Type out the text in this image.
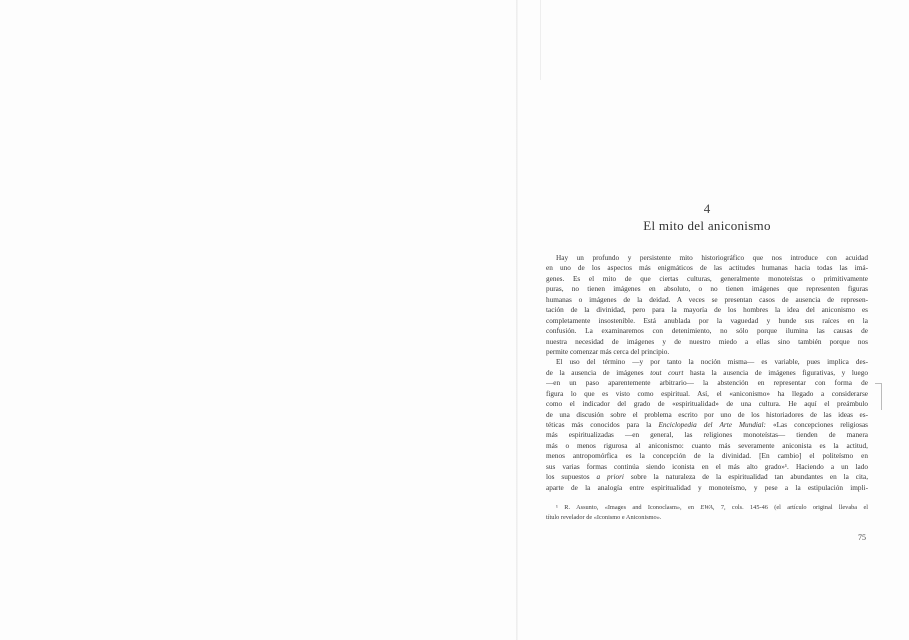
4
El mito del aniconismo
Hay un profundo y persistente mito historiográfico que nos introduce con acuidad
en uno de los aspectos más enigmáticos de las actitudes humanas hacia todas las imá-
genes. Es el mito de que ciertas culturas, generalmente monoteístas o primitivamente
puras, no tienen imágenes en absoluto, o no tienen imágenes que representen figuras
humanas o imágenes de la deidad. A veces se presentan casos de ausencia de represen-
tación de la divinidad, pero para la mayoría de los hombres la idea del aniconismo es
completamente insostenible. Está anublada por la vaguedad y hunde sus raíces en la
confusión. La examinaremos con detenimiento, no sólo porque ilumina las causas de
nuestra necesidad de imágenes y de nuestro miedo a ellas sino también porque nos
permite comenzar más cerca del principio.
El uso del término —y por tanto la noción misma— es variable, pues implica des-
de la ausencia de imágenes tout court hasta la ausencia de imágenes figurativas, y luego
—en un paso aparentemente arbitrario— la abstención en representar con forma de
figura lo que es visto como espiritual. Así, el «aniconismo» ha llegado a considerarse
como el indicador del grado de «espiritualidad» de una cultura. He aquí el preámbulo
de una discusión sobre el problema escrito por uno de los historiadores de las ideas es-
téticas más conocidos para la Enciclopedia del Arte Mundial: «Las concepciones religiosas
más espiritualizadas —en general, las religiones monoteístas— tienden de manera
más o menos rigurosa al aniconismo: cuanto más severamente aniconista es la actitud,
menos antropomórfica es la concepción de la divinidad. [En cambio] el politeísmo en
sus varias formas continúa siendo iconista en el más alto grado»¹. Haciendo a un lado
los supuestos a priori sobre la naturaleza de la espiritualidad tan abundantes en la cita,
aparte de la analogía entre espiritualidad y monoteísmo, y pese a la estipulación impli-
¹ R. Assunto, «Images and Iconoclasm», en EWA, 7, cols. 145-46 (el artículo original llevaba el
título revelador de «Iconismo e Aniconismo».
75
